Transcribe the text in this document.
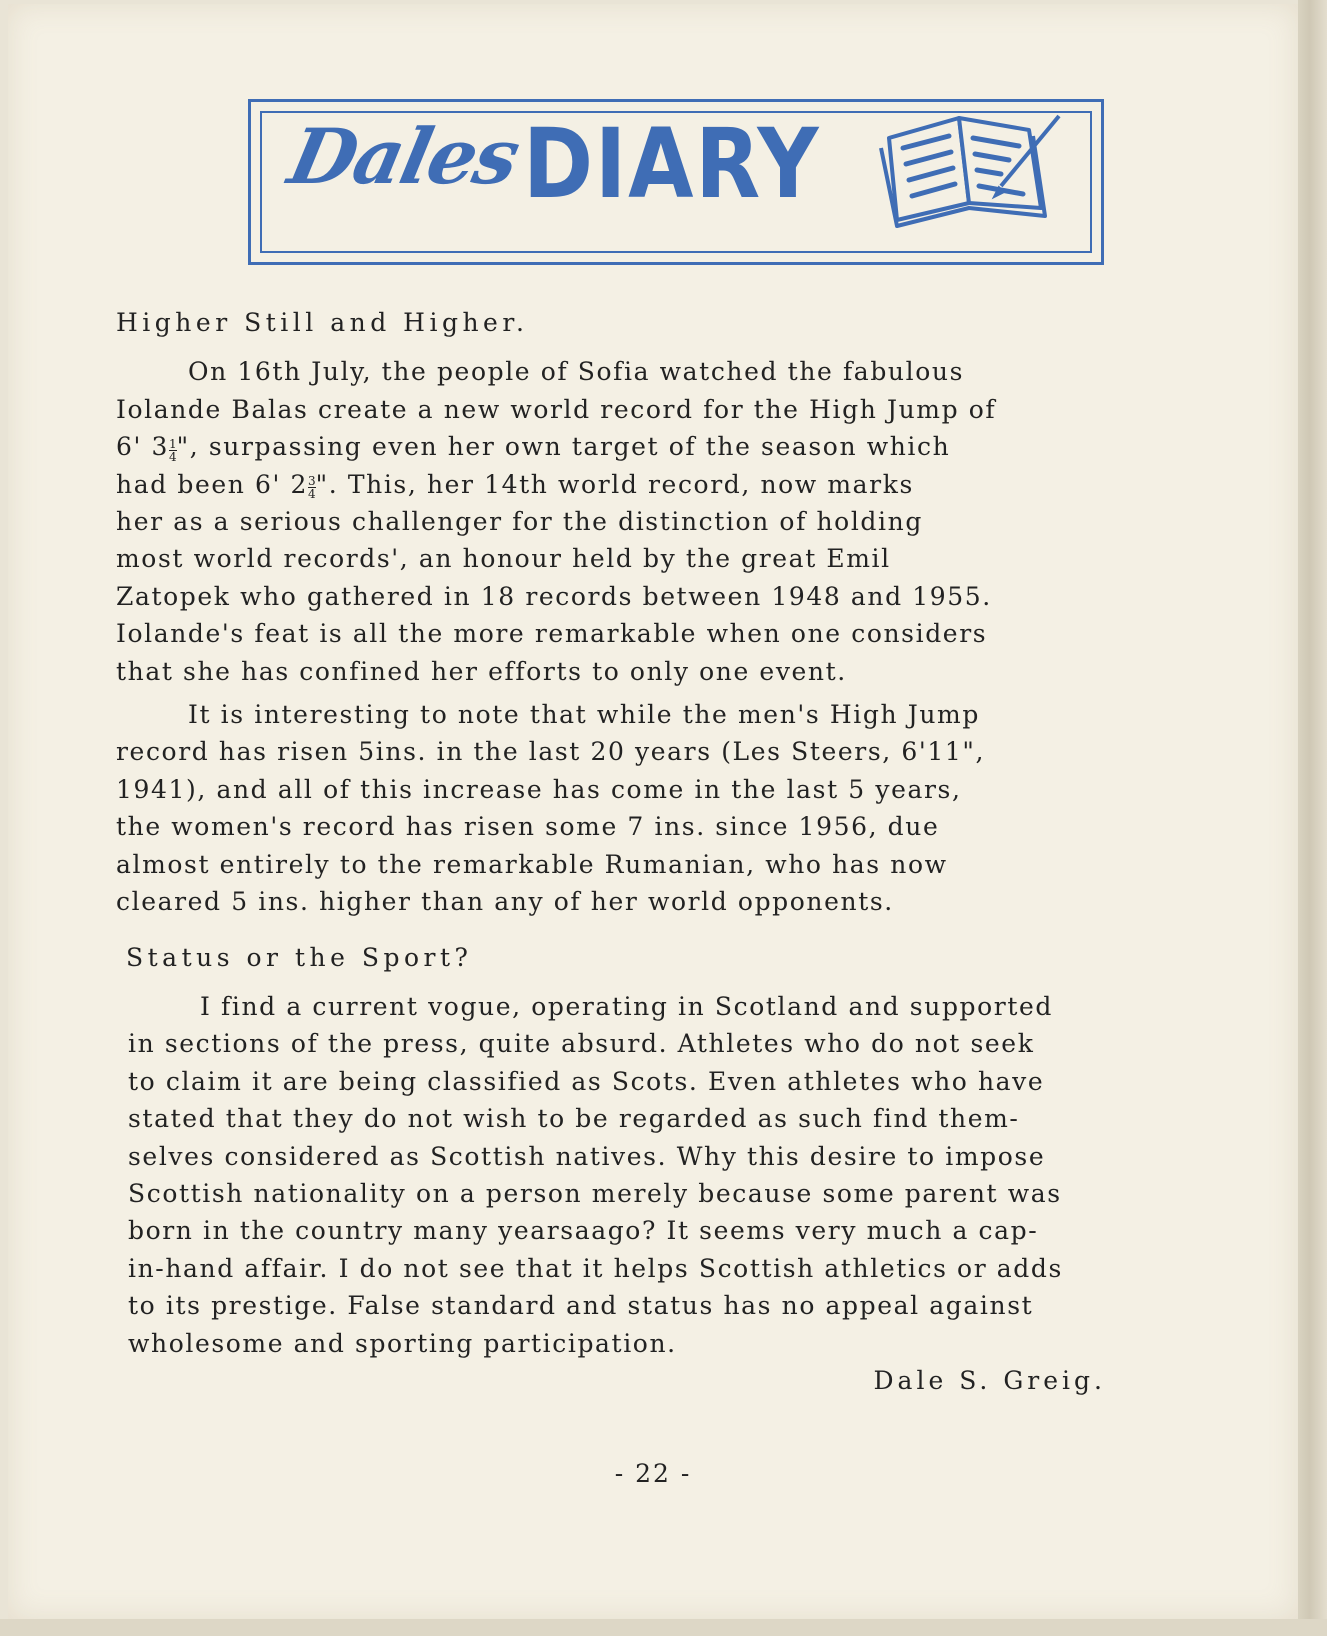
Dales
DIARY
Higher Still and Higher.
On 16th July, the people of Sofia watched the fabulous
Iolande Balas create a new world record for the High Jump of
6' $3 \frac{1}{4}$ ", surpassing even her own target of the season which
had been 6' $2 \frac{3}{4}$ ". This, her 14th world record, now marks
her as a serious challenger for the distinction of holding
most world records', an honour held by the great Emil
Zatopek who gathered in 18 records between 1948 and 1955.
Iolande's feat is all the more remarkable when one considers
that she has confined her efforts to only one event.
It is interesting to note that while the men's High Jump
record has risen 5ins. in the last 20 years (Les Steers, 6'11",
1941), and all of this increase has come in the last 5 years,
the women's record has risen some 7 ins. since 1956, due
almost entirely to the remarkable Rumanian, who has now
cleared 5 ins. higher than any of her world opponents.
Status or the Sport?
I find a current vogue, operating in Scotland and supported
in sections of the press, quite absurd. Athletes who do not seek
to claim it are being classified as Scots. Even athletes who have
stated that they do not wish to be regarded as such find them-
selves considered as Scottish natives. Why this desire to impose
Scottish nationality on a person merely because some parent was
born in the country many yearsaago? It seems very much a cap-
in-hand affair. I do not see that it helps Scottish athletics or adds
to its prestige. False standard and status has no appeal against
wholesome and sporting participation.
Dale S. Greig.
- 22 -
